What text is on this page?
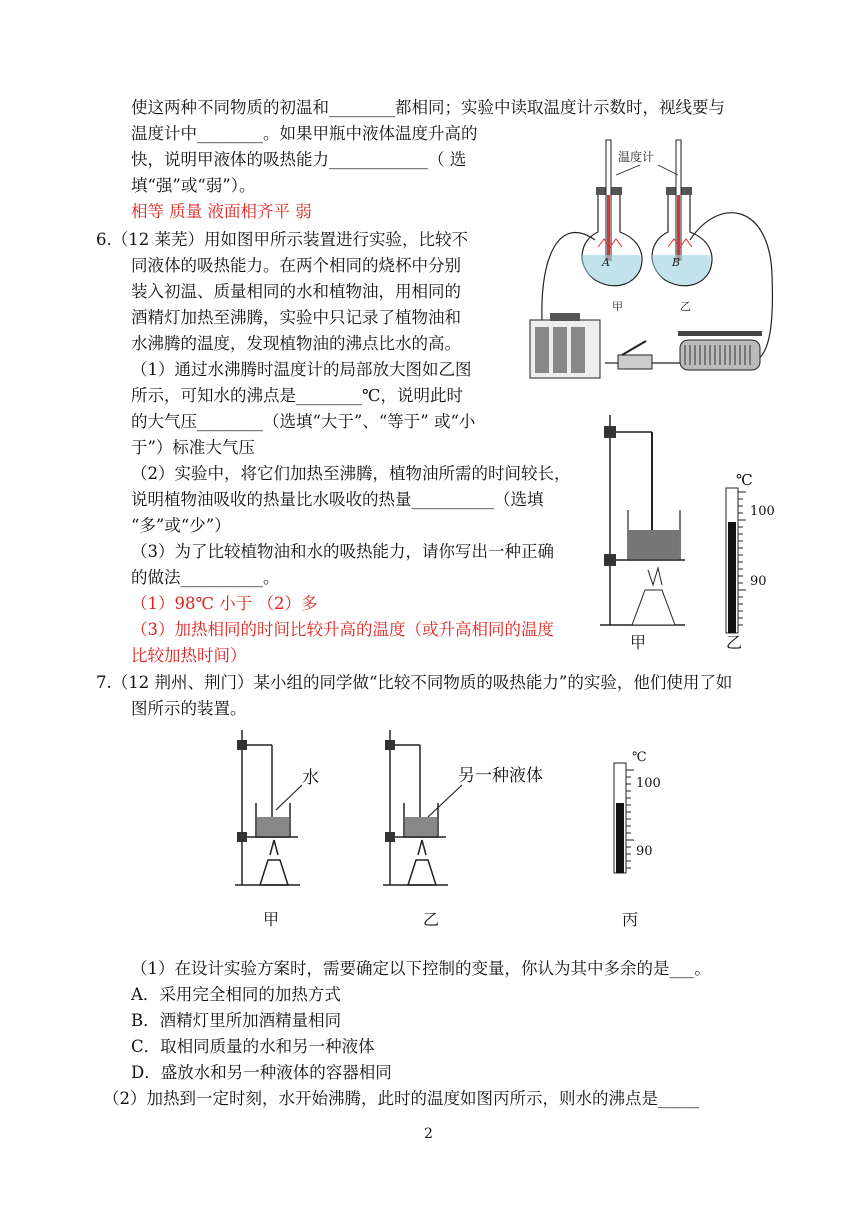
使这两种不同物质的初温和________都相同；实验中读取温度计示数时，视线要与
温度计中________。如果甲瓶中液体温度升高的
快，说明甲液体的吸热能力____________（ 选
填“强”或“弱”）。
相等 质量 液面相齐平 弱
6.（12 莱芜）用如图甲所示装置进行实验，比较不
同液体的吸热能力。在两个相同的烧杯中分别
装入初温、质量相同的水和植物油，用相同的
酒精灯加热至沸腾，实验中只记录了植物油和
水沸腾的温度，发现植物油的沸点比水的高。
（1）通过水沸腾时温度计的局部放大图如乙图
所示，可知水的沸点是________℃，说明此时
的大气压________（选填“大于”、“等于” 或“小
于”）标准大气压
（2）实验中，将它们加热至沸腾，植物油所需的时间较长，
说明植物油吸收的热量比水吸收的热量__________（选填
“多”或“少”）
（3）为了比较植物油和水的吸热能力，请你写出一种正确
的做法__________。
（1）98℃ 小于 （2）多
（3）加热相同的时间比较升高的温度（或升高相同的温度
比较加热时间）
7.（12 荆州、荆门）某小组的同学做“比较不同物质的吸热能力”的实验，他们使用了如
图所示的装置。
（1）在设计实验方案时，需要确定以下控制的变量，你认为其中多余的是___。
A．采用完全相同的加热方式
B．酒精灯里所加酒精量相同
C．取相同质量的水和另一种液体
D．盛放水和另一种液体的容器相同
（2）加热到一定时刻，水开始沸腾，此时的温度如图丙所示，则水的沸点是_____
2
A	B
温度计
甲	乙
甲
℃
100
90
乙
水	另一种液体
℃
100
90
甲	乙	丙
